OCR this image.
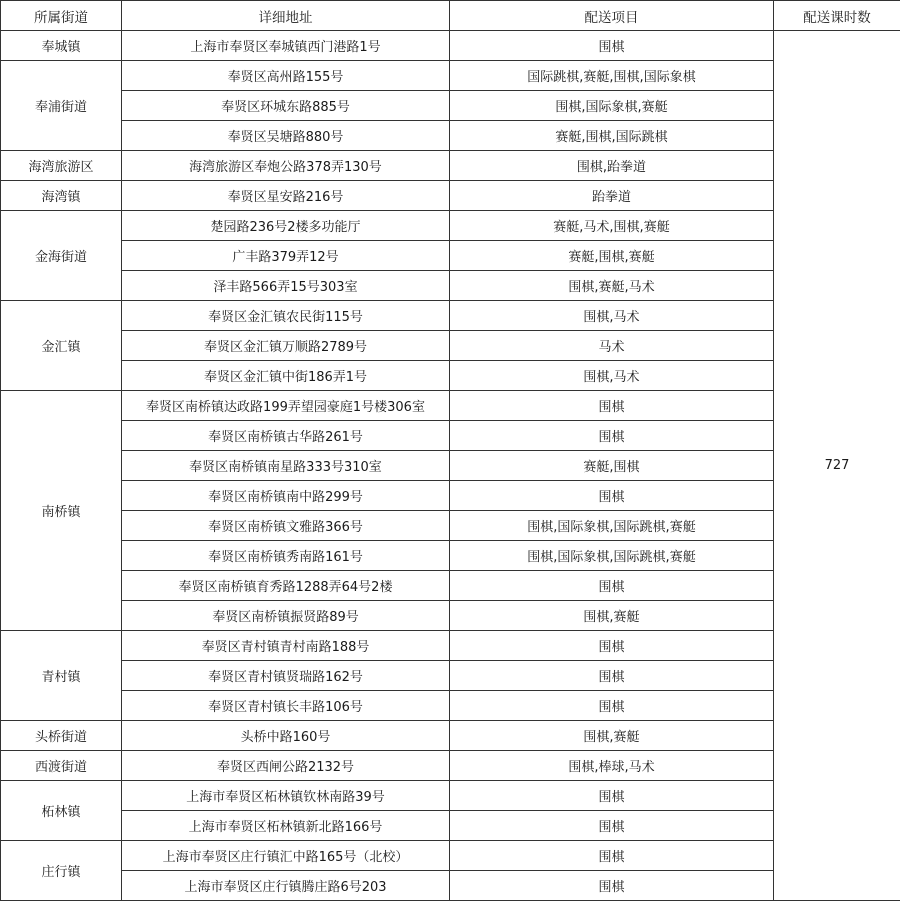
所属街道	详细地址	配送项目	配送课时数
奉城镇	上海市奉贤区奉城镇西门港路1号	围棋	727
奉浦街道	奉贤区高州路155号	国际跳棋,赛艇,围棋,国际象棋	
	奉贤区环城东路885号	围棋,国际象棋,赛艇	
	奉贤区吴塘路880号	赛艇,围棋,国际跳棋	
海湾旅游区	海湾旅游区奉炮公路378弄130号	围棋,跆拳道	
海湾镇	奉贤区星安路216号	跆拳道	
金海街道	楚园路236号2楼多功能厅	赛艇,马术,围棋,赛艇	
	广丰路379弄12号	赛艇,围棋,赛艇	
	泽丰路566弄15号303室	围棋,赛艇,马术	
金汇镇	奉贤区金汇镇农民街115号	围棋,马术	
	奉贤区金汇镇万顺路2789号	马术	
	奉贤区金汇镇中街186弄1号	围棋,马术	
南桥镇	奉贤区南桥镇达政路199弄望园豪庭1号楼306室	围棋	
	奉贤区南桥镇古华路261号	围棋	
	奉贤区南桥镇南星路333号310室	赛艇,围棋	
	奉贤区南桥镇南中路299号	围棋	
	奉贤区南桥镇文雅路366号	围棋,国际象棋,国际跳棋,赛艇	
	奉贤区南桥镇秀南路161号	围棋,国际象棋,国际跳棋,赛艇	
	奉贤区南桥镇育秀路1288弄64号2楼	围棋	
	奉贤区南桥镇振贤路89号	围棋,赛艇	
青村镇	奉贤区青村镇青村南路188号	围棋	
	奉贤区青村镇贤瑞路162号	围棋	
	奉贤区青村镇长丰路106号	围棋	
头桥街道	头桥中路160号	围棋,赛艇	
西渡街道	奉贤区西闸公路2132号	围棋,棒球,马术	
柘林镇	上海市奉贤区柘林镇钦林南路39号	围棋	
	上海市奉贤区柘林镇新北路166号	围棋	
庄行镇	上海市奉贤区庄行镇汇中路165号（北校）	围棋	
	上海市奉贤区庄行镇腾庄路6号203	围棋	
